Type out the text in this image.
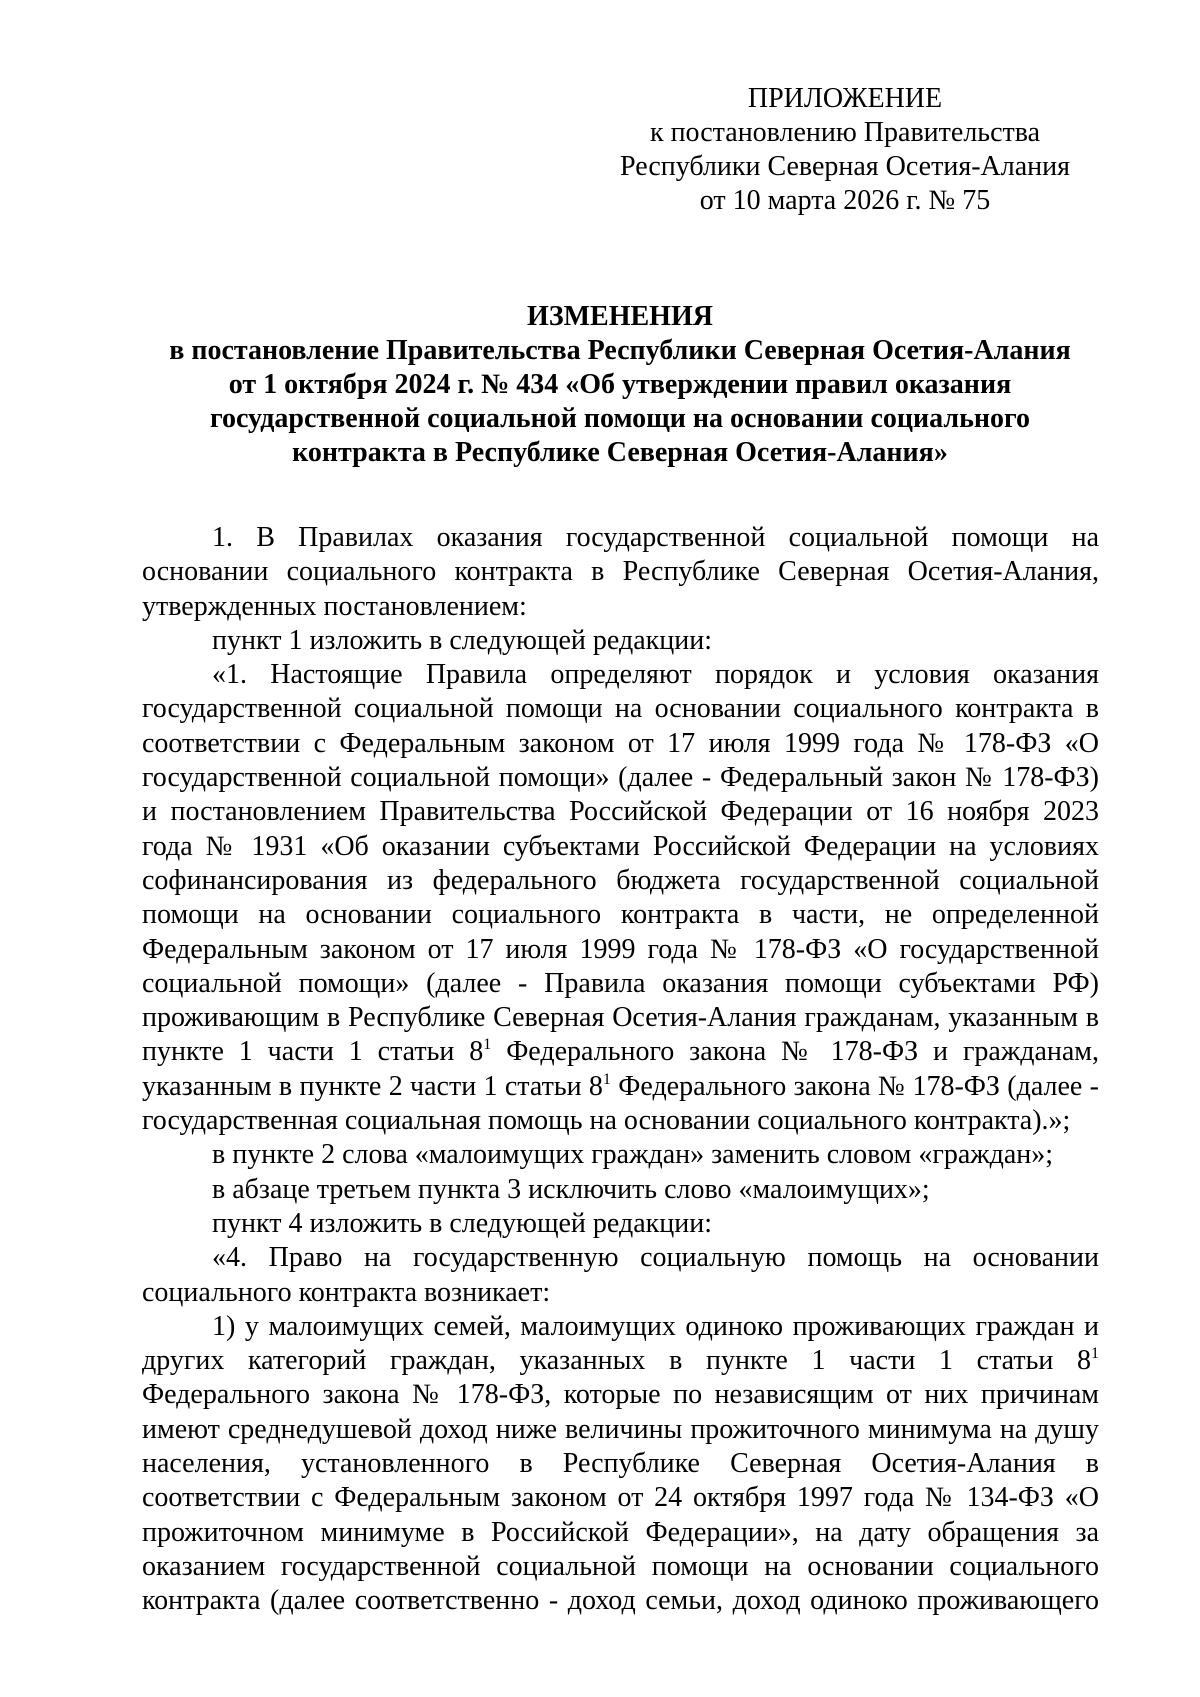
ПРИЛОЖЕНИЕ
к постановлению Правительства
Республики Северная Осетия-Алания
от 10 марта 2026 г. № 75
ИЗМЕНЕНИЯ
в постановление Правительства Республики Северная Осетия-Алания
от 1 октября 2024 г. № 434 «Об утверждении правил оказания
государственной социальной помощи на основании социального
контракта в Республике Северная Осетия-Алания»

1. В Правилах оказания государственной социальной помощи на основании социального контракта в Республике Северная Осетия-Алания, утвержденных постановлением:

пункт 1 изложить в следующей редакции:

«1. Настоящие Правила определяют порядок и условия оказания государственной социальной помощи на основании социального контракта в соответствии с Федеральным законом от 17 июля 1999 года № 178-ФЗ «О государственной социальной помощи» (далее - Федеральный закон № 178-ФЗ) и постановлением Правительства Российской Федерации от 16 ноября 2023 года № 1931 «Об оказании субъектами Российской Федерации на условиях софинансирования из федерального бюджета государственной социальной помощи на основании социального контракта в части, не определенной Федеральным законом от 17 июля 1999 года № 178-ФЗ «О государственной социальной помощи» (далее - Правила оказания помощи субъектами РФ) проживающим в Республике Северная Осетия-Алания гражданам, указанным в пункте 1 части 1 статьи $8^1$ Федерального закона № 178-ФЗ и гражданам, указанным в пункте 2 части 1 статьи $8^1$ Федерального закона № 178-ФЗ (далее - государственная социальная помощь на основании социального контракта).»;

в пункте 2 слова «малоимущих граждан» заменить словом «граждан»;

в абзаце третьем пункта 3 исключить слово «малоимущих»;

пункт 4 изложить в следующей редакции:

«4. Право на государственную социальную помощь на основании социального контракта возникает:

1) у малоимущих семей, малоимущих одиноко проживающих граждан и других категорий граждан, указанных в пункте 1 части 1 статьи $8^1$ Федерального закона № 178-ФЗ, которые по независящим от них причинам имеют среднедушевой доход ниже величины прожиточного минимума на душу населения, установленного в Республике Северная Осетия-Алания в соответствии с Федеральным законом от 24 октября 1997 года № 134-ФЗ «О прожиточном минимуме в Российской Федерации», на дату обращения за оказанием государственной социальной помощи на основании социального контракта (далее соответственно - доход семьи, доход одиноко проживающего
